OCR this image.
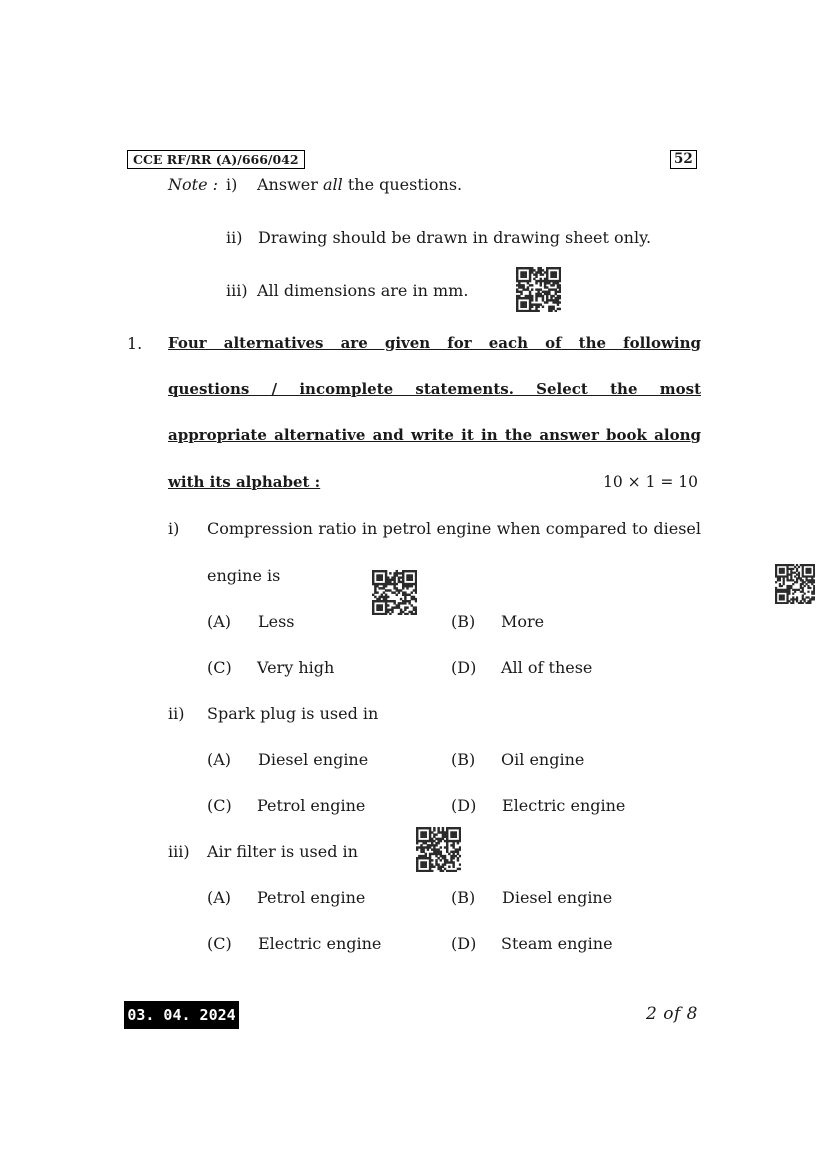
CCE RF/RR (A)/666/042	52
Note : i) Answer all the questions.
ii) Drawing should be drawn in drawing sheet only.
iii) All dimensions are in mm.
1. Four alternatives are given for each of the following
questions / incomplete statements. Select the most
appropriate alternative and write it in the answer book along
with its alphabet :	10 × 1 = 10
i) Compression ratio in petrol engine when compared to diesel
engine is
(A) Less	(B) More
(C) Very high	(D) All of these
ii) Spark plug is used in
(A) Diesel engine	(B) Oil engine
(C) Petrol engine	(D) Electric engine
iii) Air filter is used in
(A) Petrol engine	(B) Diesel engine
(C) Electric engine	(D) Steam engine
03. 04. 2024	2 of 8
